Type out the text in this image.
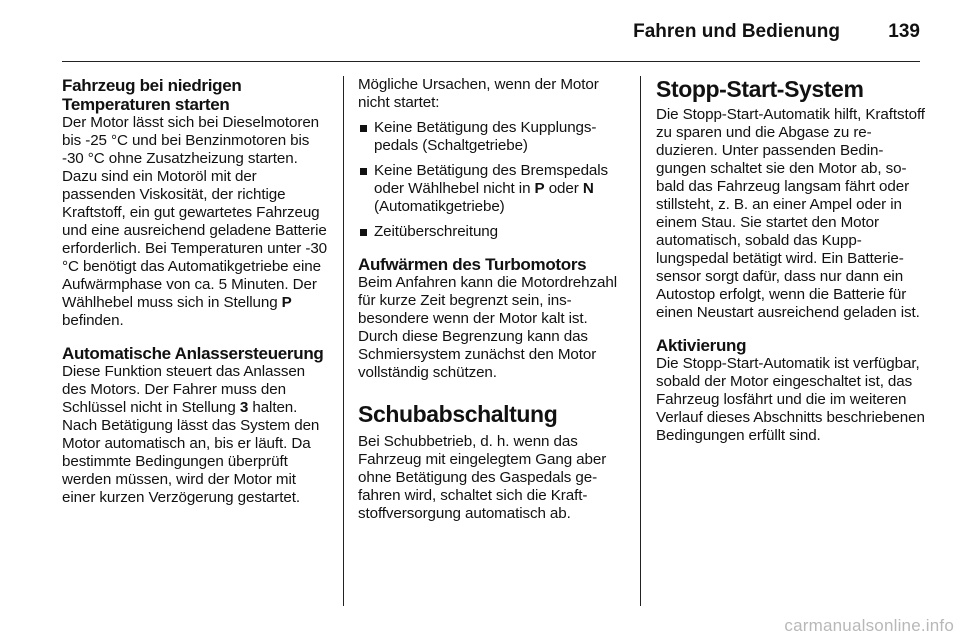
Fahren und Bedienung	139
Fahrzeug bei niedrigen Temperaturen starten

Der Motor lässt sich bei Dieselmotoren bis -25 °C und bei Benzinmotoren bis -30 °C ohne Zusatzheizung starten. Dazu sind ein Motoröl mit der passenden Viskosität, der richtige Kraftstoff, ein gut gewartetes Fahrzeug und eine ausreichend geladene Batterie erforderlich. Bei Temperaturen unter -30 °C benötigt das Automatikgetriebe eine Aufwärmphase von ca. 5 Minuten. Der Wählhebel muss sich in Stellung P befinden.

Automatische Anlassersteuerung

Diese Funktion steuert das Anlassen des Motors. Der Fahrer muss den Schlüssel nicht in Stellung 3 halten. Nach Betätigung lässt das System den Motor automatisch an, bis er läuft. Da bestimmte Bedingungen überprüft werden müssen, wird der Motor mit einer kurzen Verzögerung gestartet.

Mögliche Ursachen, wenn der Motor nicht startet:

Keine Betätigung des Kupplungspedals (Schaltgetriebe)
Keine Betätigung des Bremspedals oder Wählhebel nicht in P oder N (Automatikgetriebe)
Zeitüberschreitung
Aufwärmen des Turbomotors

Beim Anfahren kann die Motordrehzahl für kurze Zeit begrenzt sein, insbesondere wenn der Motor kalt ist. Durch diese Begrenzung kann das Schmiersystem zunächst den Motor vollständig schützen.

Schubabschaltung

Bei Schubbetrieb, d. h. wenn das Fahrzeug mit eingelegtem Gang aber ohne Betätigung des Gaspedals gefahren wird, schaltet sich die Kraftstoffversorgung automatisch ab.

Stopp-Start-System

Die Stopp-Start-Automatik hilft, Kraftstoff zu sparen und die Abgase zu reduzieren. Unter passenden Bedingungen schaltet sie den Motor ab, sobald das Fahrzeug langsam fährt oder stillsteht, z. B. an einer Ampel oder in einem Stau. Sie startet den Motor automatisch, sobald das Kupplungspedal betätigt wird. Ein Batteriesensor sorgt dafür, dass nur dann ein Autostop erfolgt, wenn die Batterie für einen Neustart ausreichend geladen ist.

Aktivierung

Die Stopp-Start-Automatik ist verfügbar, sobald der Motor eingeschaltet ist, das Fahrzeug losfährt und die im weiteren Verlauf dieses Abschnitts beschriebenen Bedingungen erfüllt sind.

carmanualsonline.info
